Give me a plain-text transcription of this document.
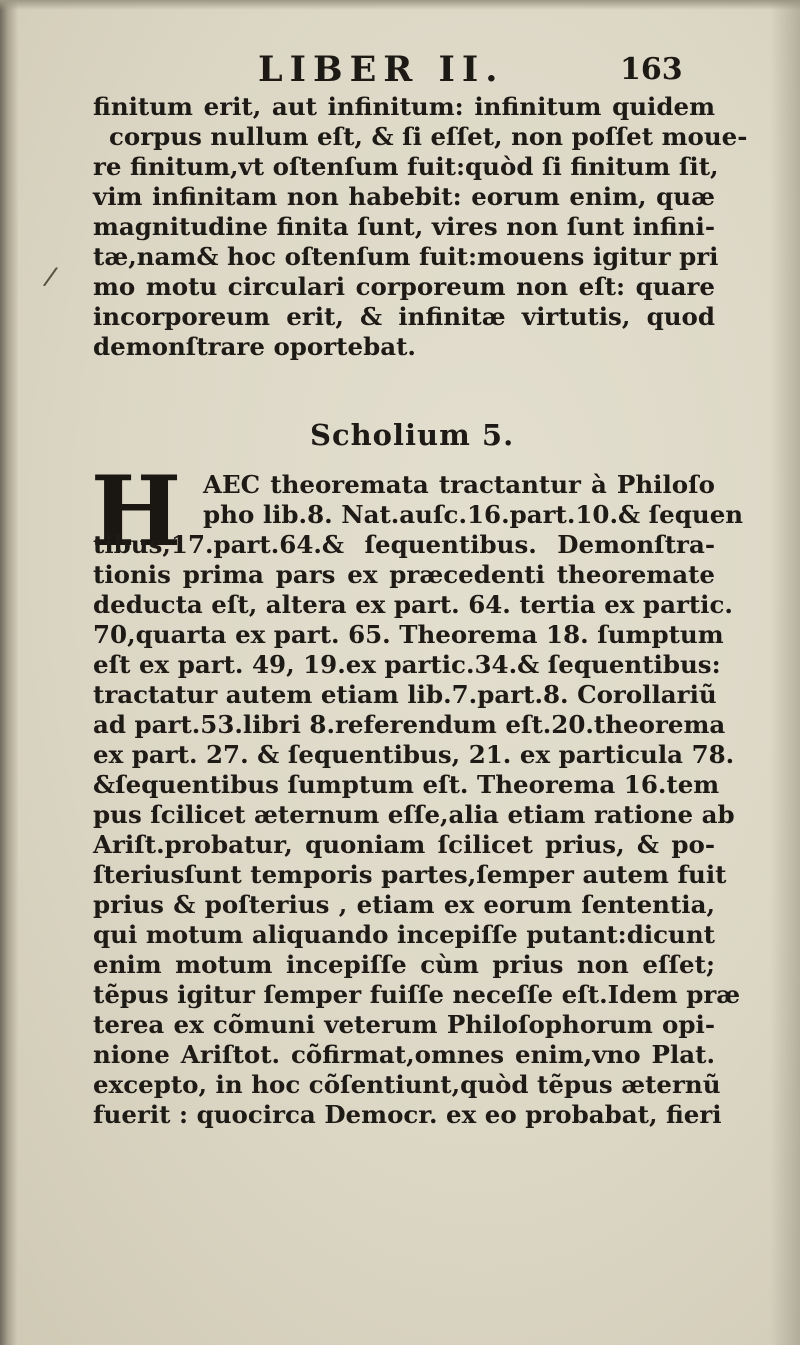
LIBER II.	163
finitum erit, aut infinitum: infinitum quidem
corpus nullum eſt, & ſi eſſet, non poſſet moue-
re finitum,vt oſtenſum fuit:quòd ſi finitum ſit,
vim infinitam non habebit: eorum enim, quæ
magnitudine finita ſunt, vires non ſunt infini-
tæ,nam& hoc oſtenſum fuit:mouens igitur pri
mo motu circulari corporeum non eſt: quare
incorporeum erit, & infinitæ virtutis, quod
demonſtrare oportebat.
Scholium 5.
H AEC theoremata tractantur à Philoſo
pho lib.8. Nat.auſc.16.part.10.& ſequen
tibus,17.part.64.& ſequentibus. Demonſtra-
tionis prima pars ex præcedenti theoremate
deducta eſt, altera ex part. 64. tertia ex partic.
70,quarta ex part. 65. Theorema 18. ſumptum
eſt ex part. 49, 19.ex partic.34.& ſequentibus:
tractatur autem etiam lib.7.part.8. Corollariũ
ad part.53.libri 8.referendum eſt.20.theorema
ex part. 27. & ſequentibus, 21. ex particula 78.
&ſequentibus ſumptum eſt. Theorema 16.tem
pus ſcilicet æternum eſſe,alia etiam ratione ab
Ariſt.probatur, quoniam ſcilicet prius, & po-
ſteriusſunt temporis partes,ſemper autem fuit
prius & poſterius , etiam ex eorum ſententia,
qui motum aliquando incepiſſe putant:dicunt
enim motum incepiſſe cùm prius non eſſet;
tẽpus igitur ſemper fuiſſe neceſſe eſt.Idem præ
terea ex cõmuni veterum Philoſophorum opi-
nione Ariſtot. cõfirmat,omnes enim,vno Plat.
excepto, in hoc cõſentiunt,quòd tẽpus æternũ
fuerit : quocirca Democr. ex eo probabat, fieri
/
